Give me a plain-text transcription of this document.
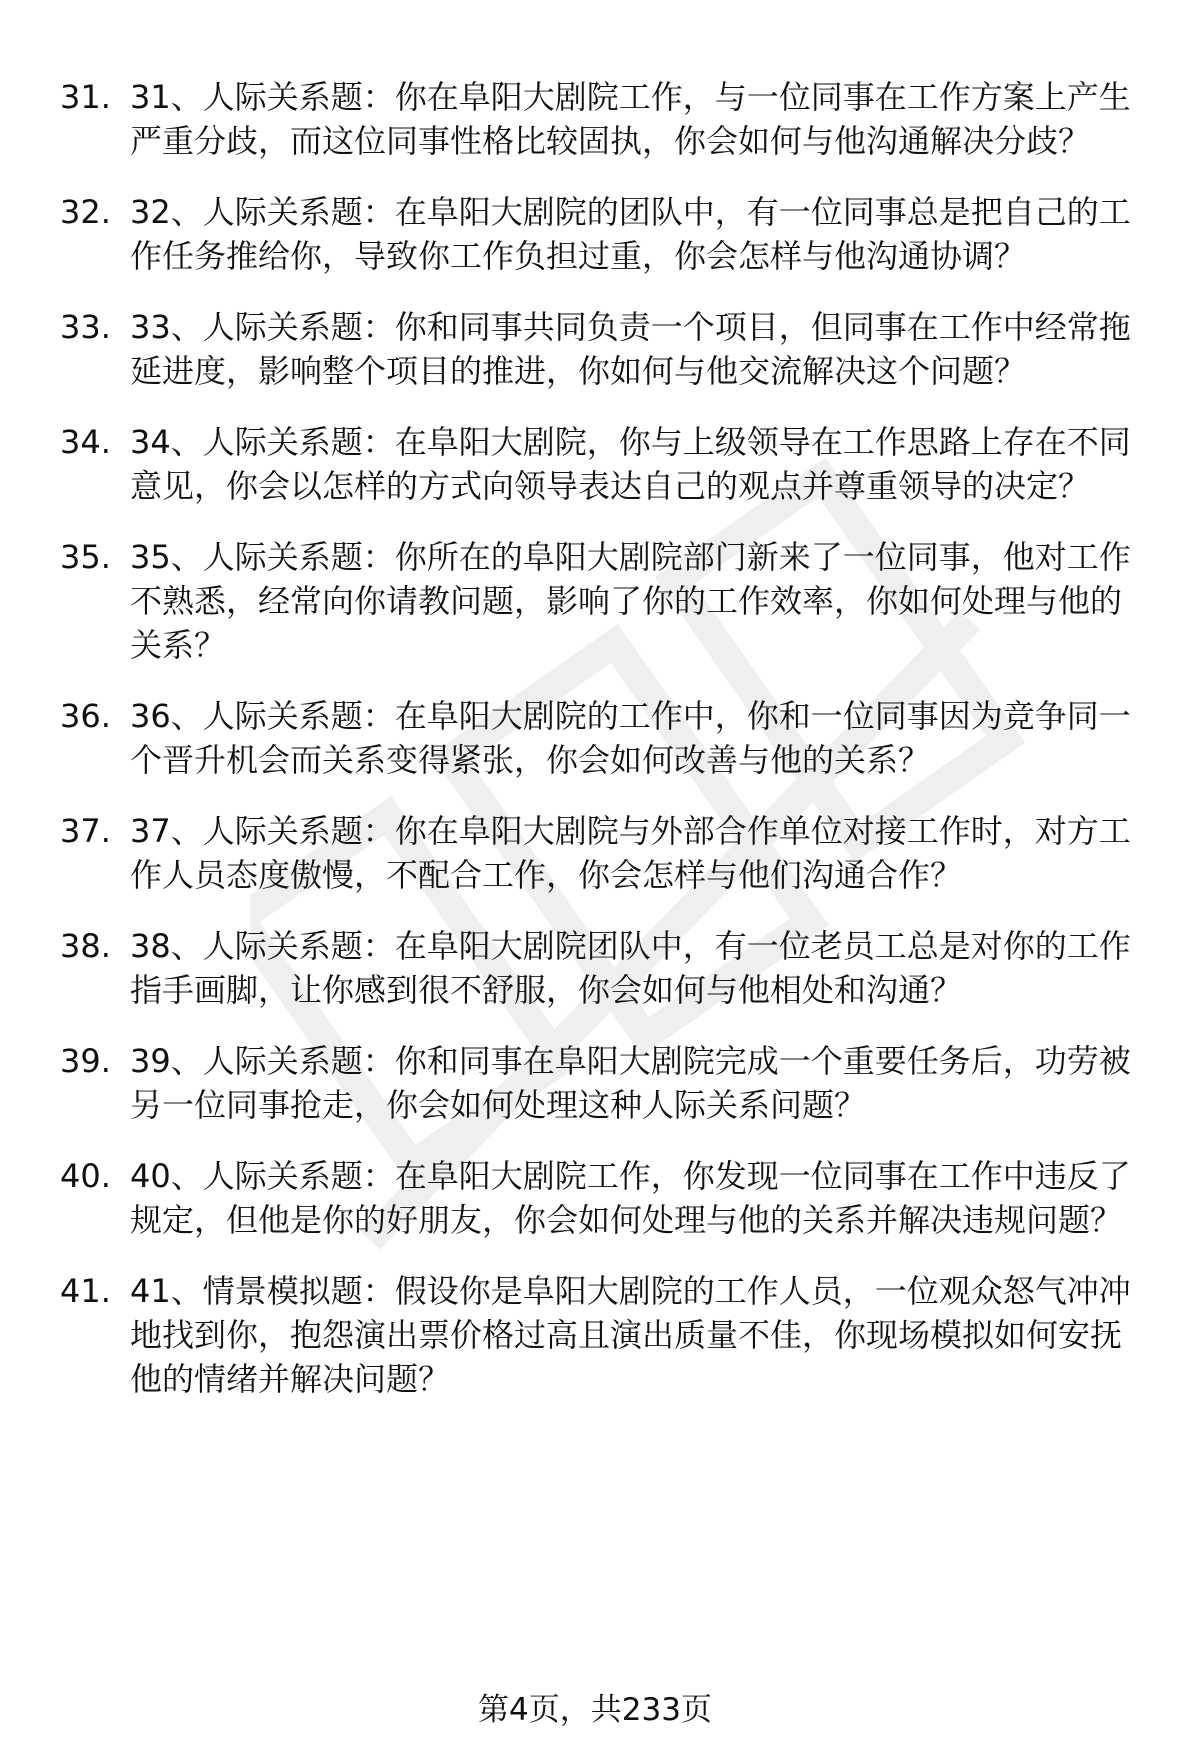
31. 31、人际关系题：你在阜阳大剧院工作，与一位同事在工作方案上产生严重分歧，而这位同事性格比较固执，你会如何与他沟通解决分歧？
32. 32、人际关系题：在阜阳大剧院的团队中，有一位同事总是把自己的工作任务推给你，导致你工作负担过重，你会怎样与他沟通协调？
33. 33、人际关系题：你和同事共同负责一个项目，但同事在工作中经常拖延进度，影响整个项目的推进，你如何与他交流解决这个问题？
34. 34、人际关系题：在阜阳大剧院，你与上级领导在工作思路上存在不同意见，你会以怎样的方式向领导表达自己的观点并尊重领导的决定？
35. 35、人际关系题：你所在的阜阳大剧院部门新来了一位同事，他对工作不熟悉，经常向你请教问题，影响了你的工作效率，你如何处理与他的关系？
36. 36、人际关系题：在阜阳大剧院的工作中，你和一位同事因为竞争同一个晋升机会而关系变得紧张，你会如何改善与他的关系？
37. 37、人际关系题：你在阜阳大剧院与外部合作单位对接工作时，对方工作人员态度傲慢，不配合工作，你会怎样与他们沟通合作？
38. 38、人际关系题：在阜阳大剧院团队中，有一位老员工总是对你的工作指手画脚，让你感到很不舒服，你会如何与他相处和沟通？
39. 39、人际关系题：你和同事在阜阳大剧院完成一个重要任务后，功劳被另一位同事抢走，你会如何处理这种人际关系问题？
40. 40、人际关系题：在阜阳大剧院工作，你发现一位同事在工作中违反了规定，但他是你的好朋友，你会如何处理与他的关系并解决违规问题？
41. 41、情景模拟题：假设你是阜阳大剧院的工作人员，一位观众怒气冲冲地找到你，抱怨演出票价格过高且演出质量不佳，你现场模拟如何安抚他的情绪并解决问题？
第4页，共233页
